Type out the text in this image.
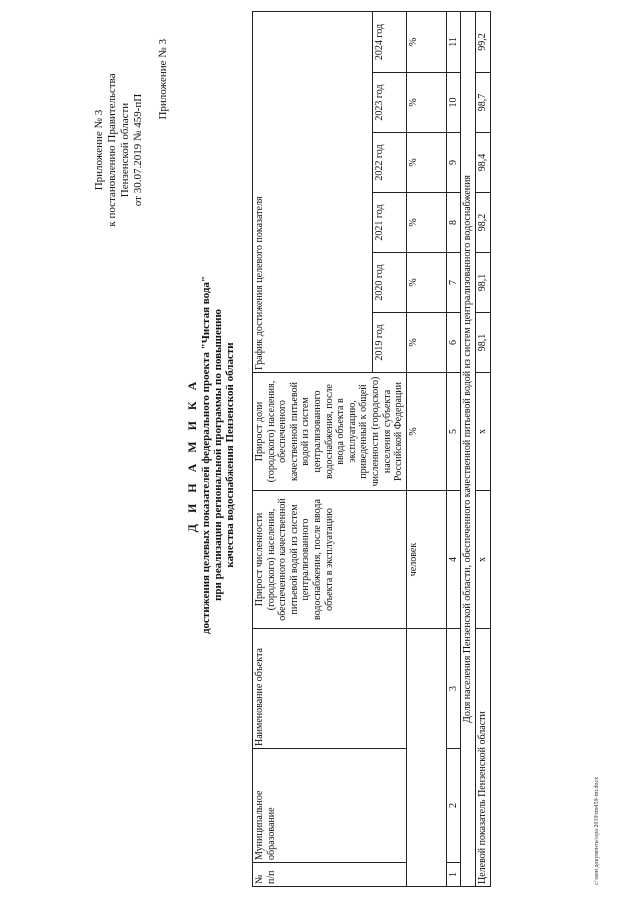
Приложение № 3 к постановлению Правительства Пензенской области от 30.07.2019 № 459-пП
Приложение № 3
Д И Н А М И К А достижения целевых показателей федерального проекта "Чистая вода" при реализации региональной программы по повышению качества водоснабжения Пензенской области
№ п/п	Муниципальное образование	Наименование объекта	Прирост численности (городского) населения, обеспеченного качественной питьевой водой из систем централизованного водоснабжения, после ввода объекта в эксплуатацию	Прирост доли (городского) населения, обеспеченного качественной питьевой водой из систем централизованного водоснабжения, после ввода объекта в эксплуатацию, приведенный к общей численности (городского) населения субъекта Российской Федерации	График достижения целевого показателя					
					2019 год	2020 год	2021 год	2022 год	2023 год	2024 год
			человек	%	%	%	%	%	%	%
1	2	3	4	5	6	7	8	9	10	11
Доля населения Пензенской области, обеспеченного качественной питьевой водой из систем централизованного водоснабжения										
Целевой показатель Пензенской области			x	x	98,1	98,1	98,2	98,4	98,7	99,2
c:\мои документы\ора 2019\пп459-пп.docx
